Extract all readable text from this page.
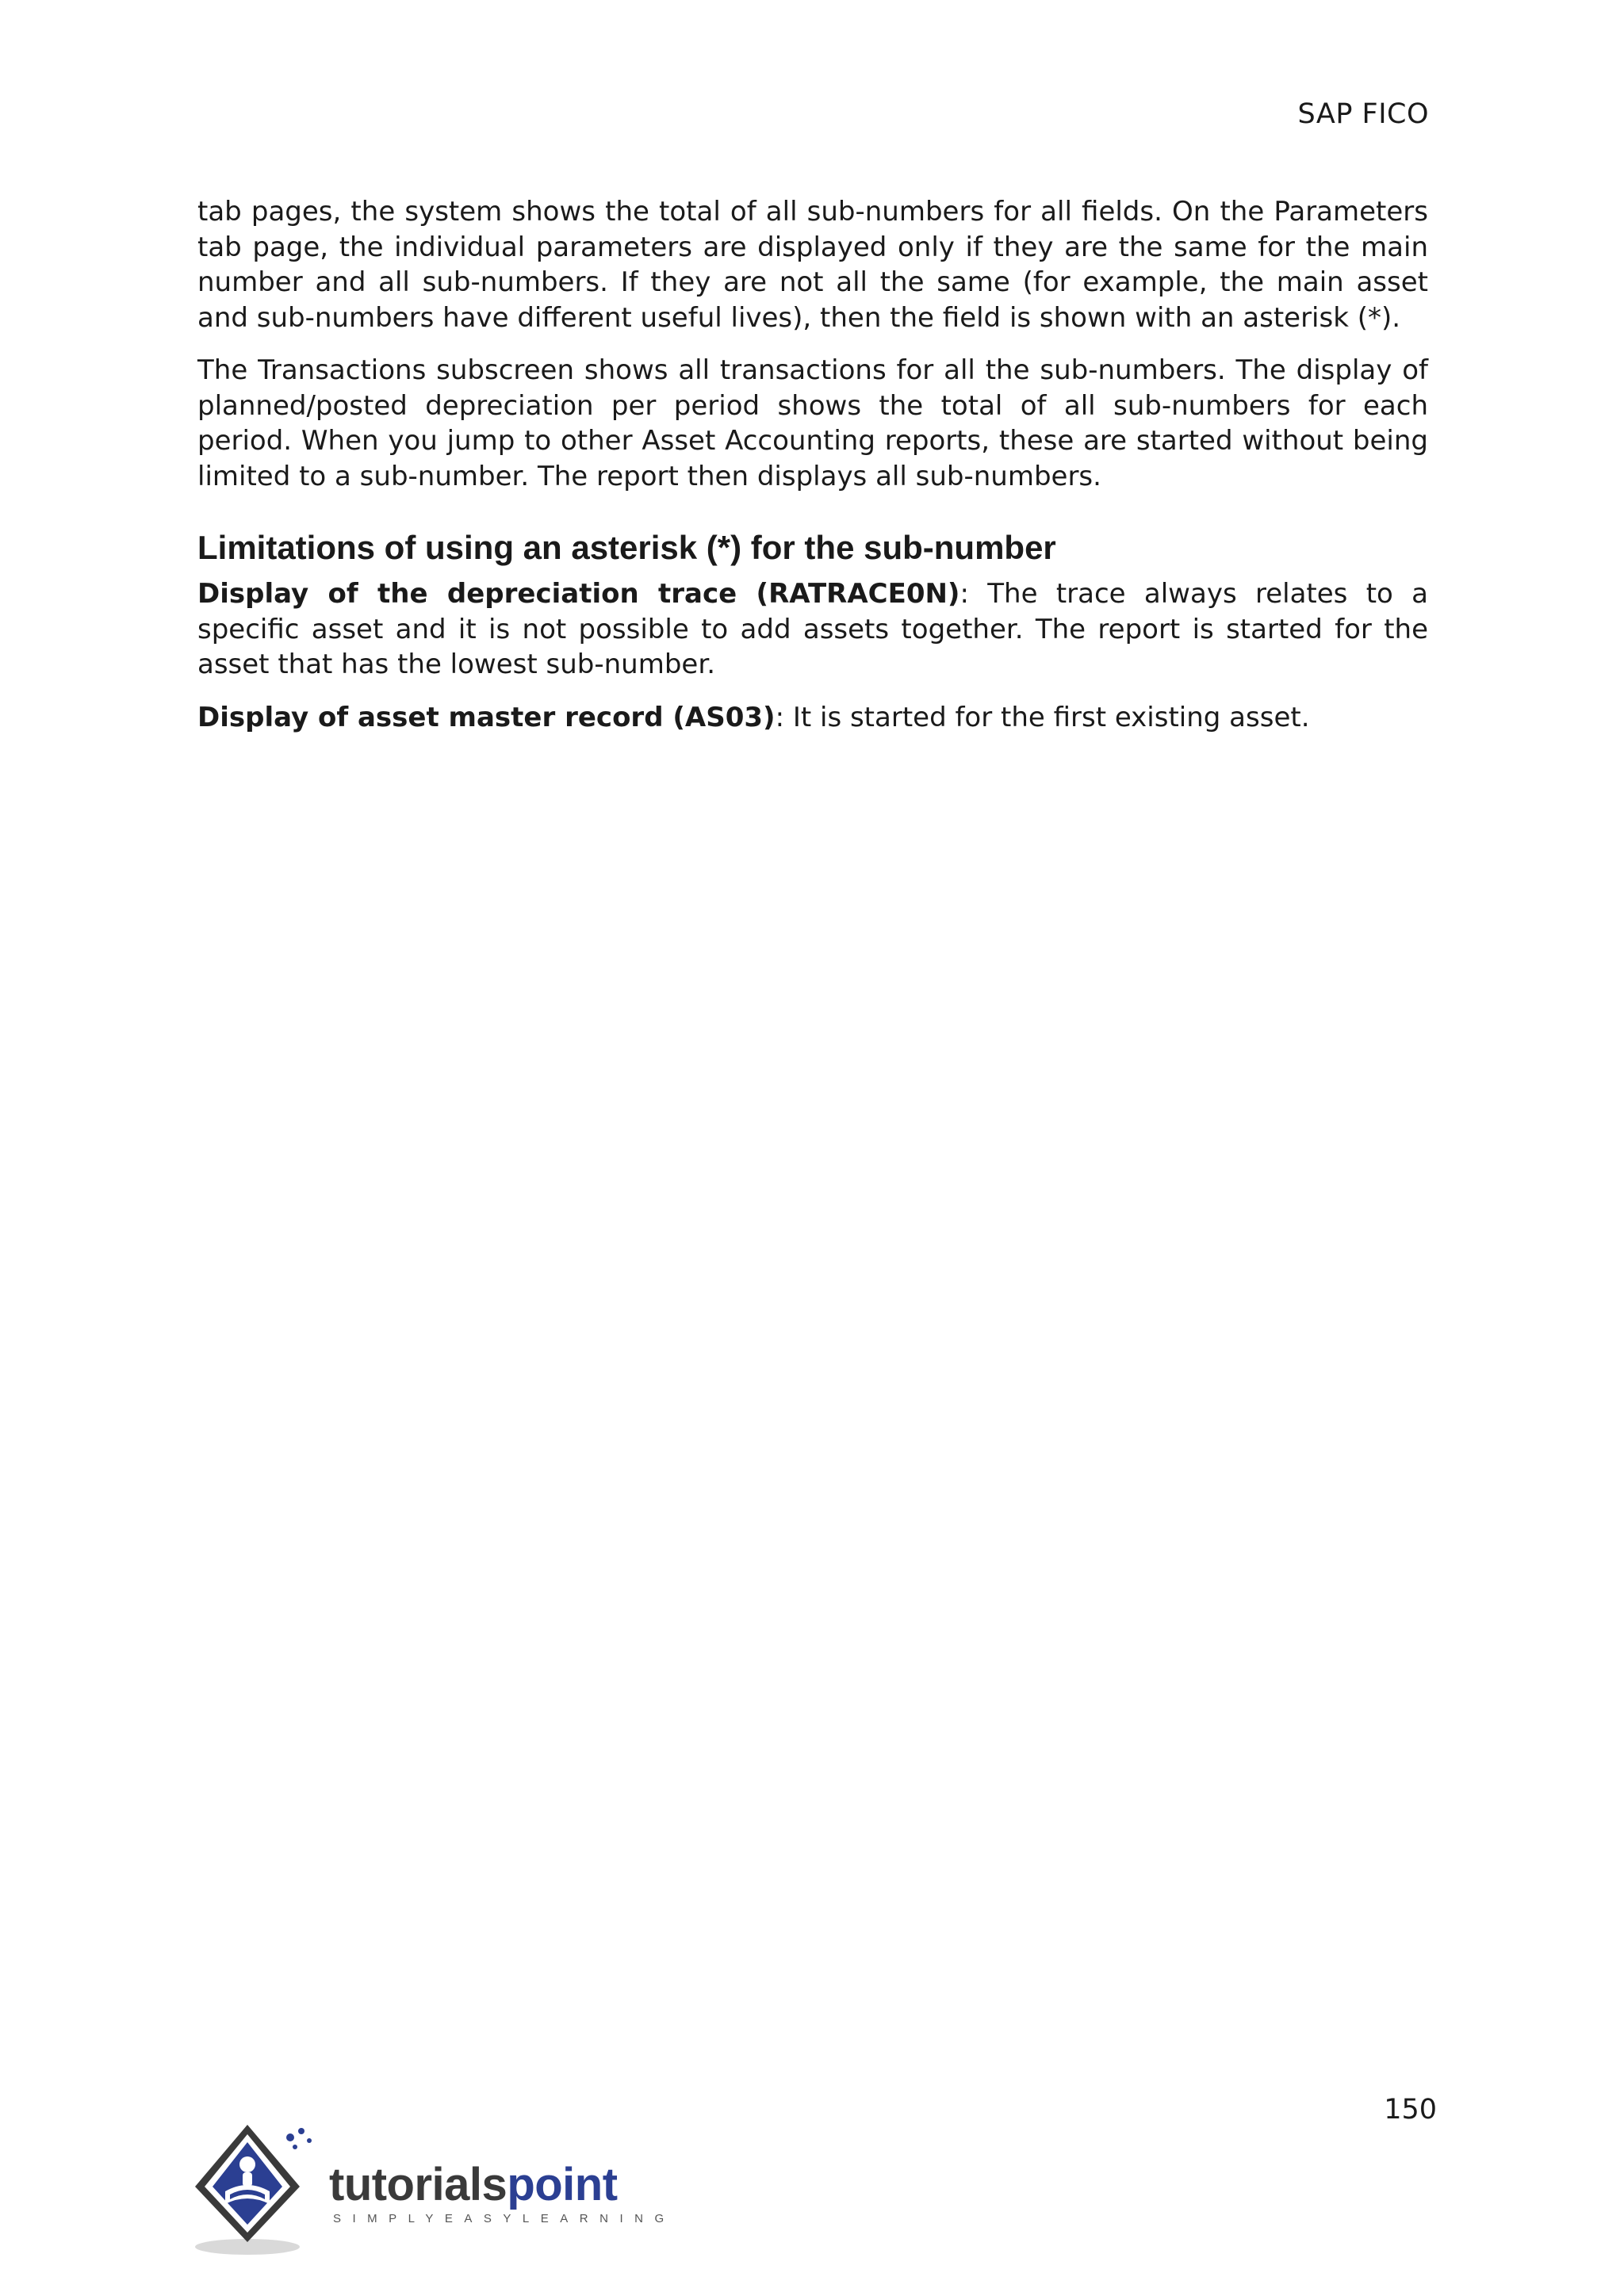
SAP FICO

tab pages, the system shows the total of all sub-numbers for all fields. On the Parameters tab page, the individual parameters are displayed only if they are the same for the main number and all sub-numbers. If they are not all the same (for example, the main asset and sub-numbers have different useful lives), then the field is shown with an asterisk (*).

The Transactions subscreen shows all transactions for all the sub-numbers. The display of planned/posted depreciation per period shows the total of all sub-numbers for each period. When you jump to other Asset Accounting reports, these are started without being limited to a sub-number. The report then displays all sub-numbers.

Limitations of using an asterisk (*) for the sub-number

Display of the depreciation trace (RATRACE0N): The trace always relates to a specific asset and it is not possible to add assets together. The report is started for the asset that has the lowest sub-number.

Display of asset master record (AS03): It is started for the first existing asset.

150
tutorialspoint
SIMPLYEASYLEARNING
